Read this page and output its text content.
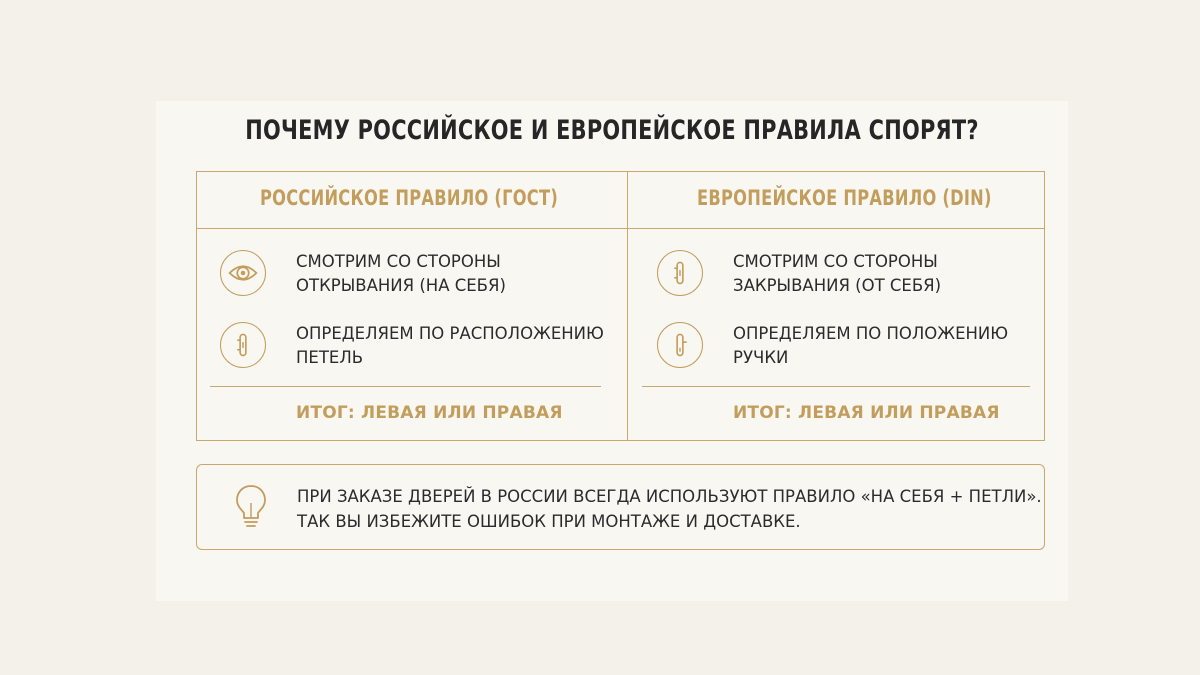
ПОЧЕМУ РОССИЙСКОЕ И ЕВРОПЕЙСКОЕ ПРАВИЛА СПОРЯТ?
РОССИЙСКОЕ ПРАВИЛО (ГОСТ)
СМОТРИМ СО СТОРОНЫ
ОТКРЫВАНИЯ (НА СЕБЯ)
ОПРЕДЕЛЯЕМ ПО РАСПОЛОЖЕНИЮ
ПЕТЕЛЬ
ИТОГ: ЛЕВАЯ ИЛИ ПРАВАЯ
ЕВРОПЕЙСКОЕ ПРАВИЛО (DIN)
СМОТРИМ СО СТОРОНЫ
ЗАКРЫВАНИЯ (ОТ СЕБЯ)
ОПРЕДЕЛЯЕМ ПО ПОЛОЖЕНИЮ
РУЧКИ
ИТОГ: ЛЕВАЯ ИЛИ ПРАВАЯ
ПРИ ЗАКАЗЕ ДВЕРЕЙ В РОССИИ ВСЕГДА ИСПОЛЬЗУЮТ ПРАВИЛО «НА СЕБЯ + ПЕТЛИ».
ТАК ВЫ ИЗБЕЖИТЕ ОШИБОК ПРИ МОНТАЖЕ И ДОСТАВКЕ.
